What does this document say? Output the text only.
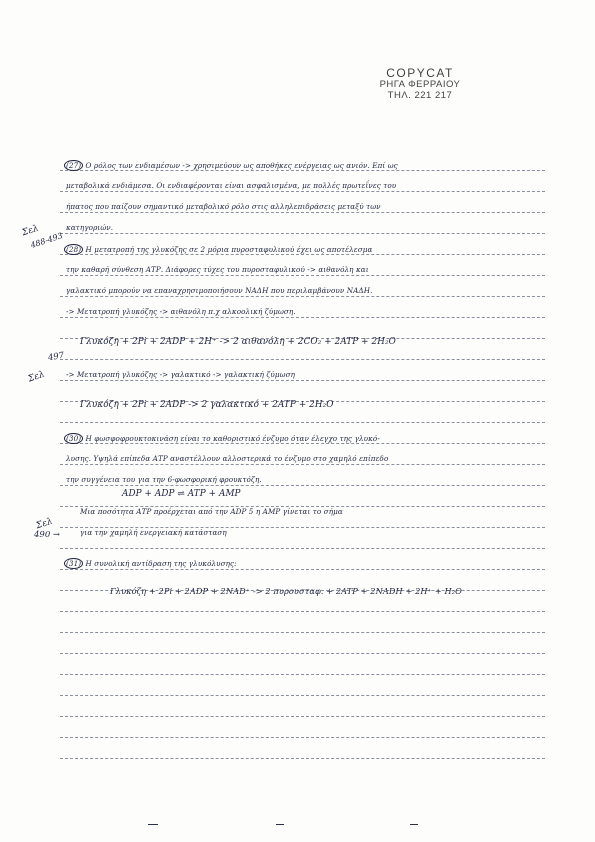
COPYCAT
ΡΗΓΑ ΦΕΡΡΑΙΟΥ
ΤΗΛ. 221 217
Σελ
488-493
Σελ
497
Σελ
490 →
(27) Ο ρόλος των ενδιαμέσων -> χρησιμεύουν ως αποθήκες ενέργειας ως ανιόν. Επί ως
μεταβολικά ενδιάμεσα. Οι ενδιαφέρονται είναι ασφαλισμένα, με πολλές πρωτεΐνες του
ήπατος που παίζουν σημαντικό μεταβολικό ρόλο στις αλληλεπιδράσεις μεταξύ των
κατηγοριών.
(28) Η μετατροπή της γλυκόζης σε 2 μόρια πυροσταφυλικού έχει ως αποτέλεσμα
την καθαρή σύνθεση ΑΤΡ. Διάφορες τύχες του πυροσταφυλικού -> αιθανόλη και
γαλακτικό μπορούν να επαναχρησιμοποιήσουν ΝΑΔΗ που περιλαμβάνουν ΝΑΔΗ.
-> Μετατροπή γλυκόζης -> αιθανόλη π.χ αλκοολική ζύμωση.
Γλυκόζη + 2Pi + 2ADP + 2H⁺ -> 2 αιθανόλη + 2CO₂ + 2ATP + 2H₂O
-> Μετατροπή γλυκόζης -> γαλακτικό -> γαλακτική ζύμωση
Γλυκόζη + 2Pi + 2ADP -> 2 γαλακτικό + 2ATP + 2H₂O
(30) Η φωσφοφρουκτοκινάση είναι το καθοριστικό ένζυμο όταν έλεγχο της γλυκό-
λυσης. Υψηλά επίπεδα ΑΤΡ αναστέλλουν αλλοστερικά το ένζυμο στο χαμηλό επίπεδο
την συγγένεια του για την 6-φωσφορική φρουκτόζη.
ADP + ADP ⇌ ATP + AMP
Μια ποσότητα ΑΤΡ προέρχεται από την ADP 5 η AMP γίνεται το σήμα
για την χαμηλή ενεργειακή κατάσταση
(31) Η συνολική αντίδραση της γλυκόλυσης:
Γλυκόζη + 2Pi + 2ADP + 2NAD⁺ -> 2 πυρουσταφ. + 2ATP + 2NADH + 2H⁺ + H₂O
